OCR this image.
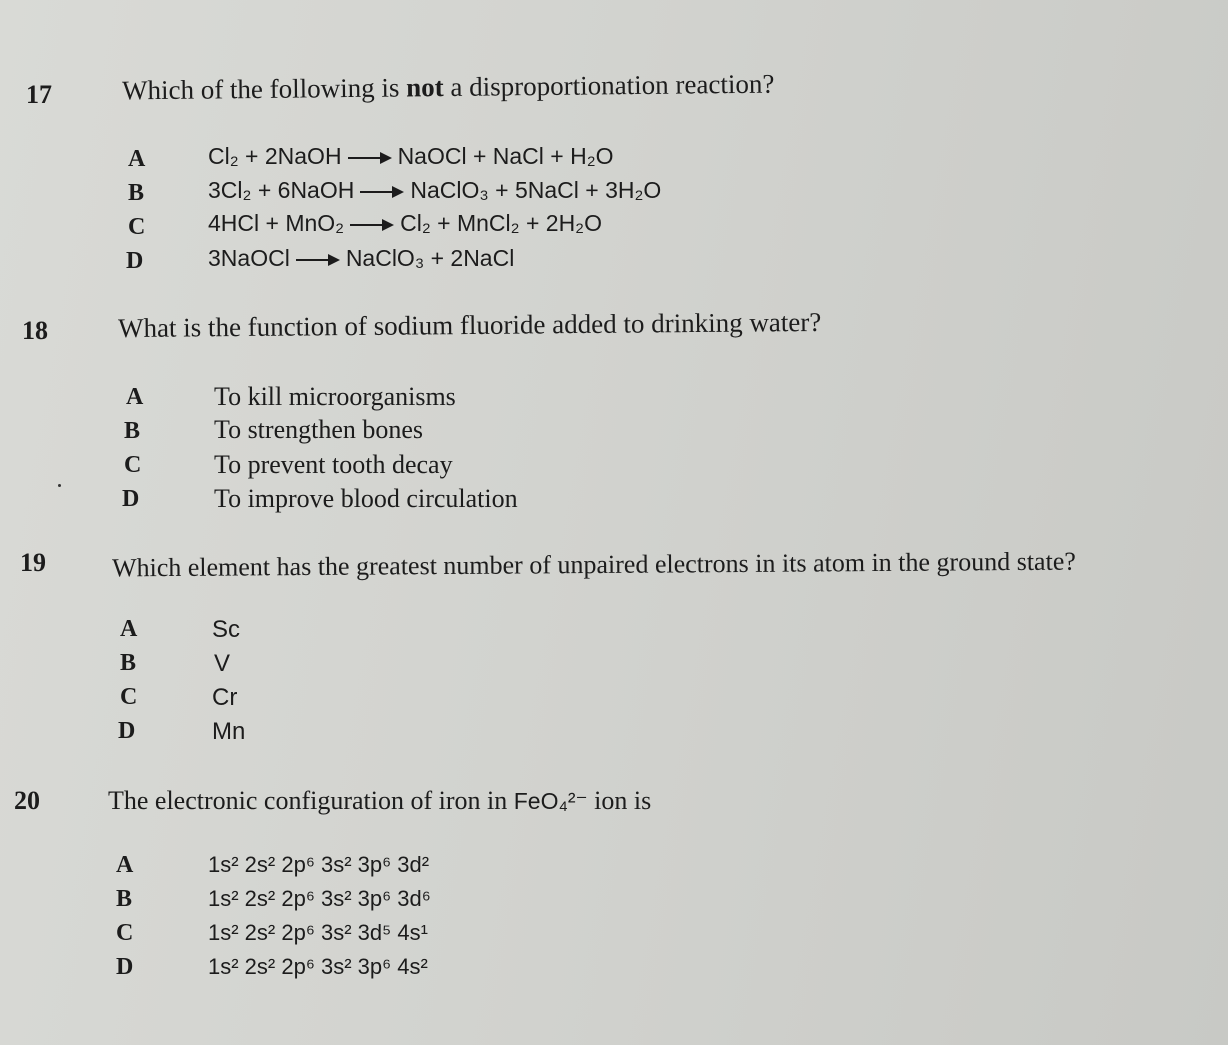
17	Which of the following is not a disproportionation reaction?
A	Cl₂ + 2NaOH → NaOCl + NaCl + H₂O
B	3Cl₂ + 6NaOH → NaClO₃ + 5NaCl + 3H₂O
C	4HCl + MnO₂ → Cl₂ + MnCl₂ + 2H₂O
D	3NaOCl → NaClO₃ + 2NaCl
18	What is the function of sodium fluoride added to drinking water?
A	To kill microorganisms
B	To strengthen bones
C	To prevent tooth decay
D	To improve blood circulation
19	Which element has the greatest number of unpaired electrons in its atom in the ground state?
A	Sc
B	V
C	Cr
D	Mn
20	The electronic configuration of iron in FeO₄²⁻ ion is
A	1s² 2s² 2p⁶ 3s² 3p⁶ 3d²
B	1s² 2s² 2p⁶ 3s² 3p⁶ 3d⁶
C	1s² 2s² 2p⁶ 3s² 3d⁵ 4s¹
D	1s² 2s² 2p⁶ 3s² 3p⁶ 4s²
